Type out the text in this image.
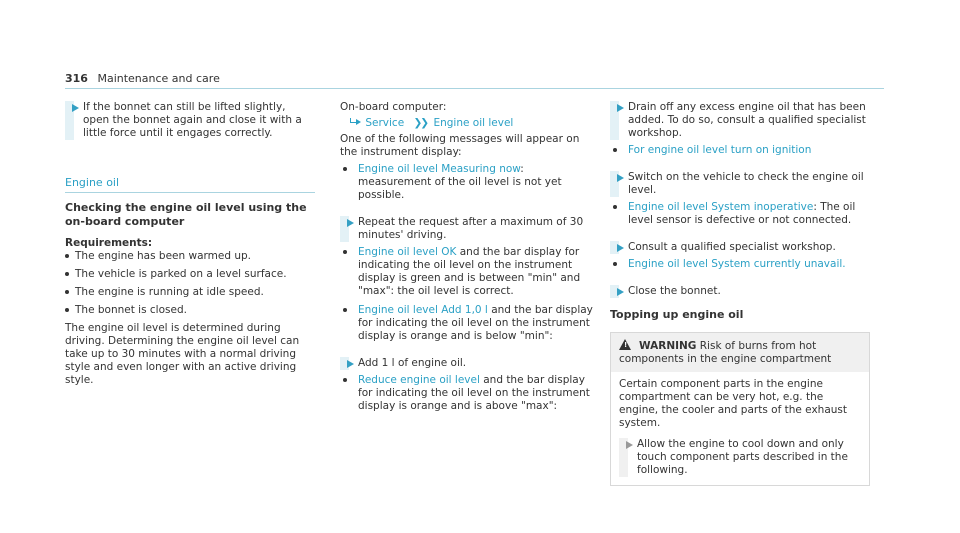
316 Maintenance and care

If the bonnet can still be lifted slightly, open the bonnet again and close it with a little force until it engages correctly.

Engine oil
Checking the engine oil level using the on-board computer
Requirements:
The engine has been warmed up.
The vehicle is parked on a level surface.
The engine is running at idle speed.
The bonnet is closed.

The engine oil level is determined during driving. Determining the engine oil level can take up to 30 minutes with a normal driving style and even longer with an active driving style.

On-board computer:

Service ❯❯ Engine oil level

One of the following messages will appear on the instrument display:

Engine oil level Measuring now: measurement of the oil level is not yet possible.

Repeat the request after a maximum of 30 minutes' driving.

Engine oil level OK and the bar display for indicating the oil level on the instrument display is green and is between "min" and "max": the oil level is correct.
Engine oil level Add 1,0 l and the bar display for indicating the oil level on the instrument display is orange and is below "min":

Add 1 l of engine oil.

Reduce engine oil level and the bar display for indicating the oil level on the instrument display is orange and is above "max":

Drain off any excess engine oil that has been added. To do so, consult a qualified specialist workshop.

For engine oil level turn on ignition

Switch on the vehicle to check the engine oil level.

Engine oil level System inoperative: The oil level sensor is defective or not connected.

Consult a qualified specialist workshop.

Engine oil level System currently unavail.

Close the bonnet.

Topping up engine oil
! WARNING Risk of burns from hot components in the engine compartment

Certain component parts in the engine compartment can be very hot, e.g. the engine, the cooler and parts of the exhaust system.

Allow the engine to cool down and only touch component parts described in the following.
